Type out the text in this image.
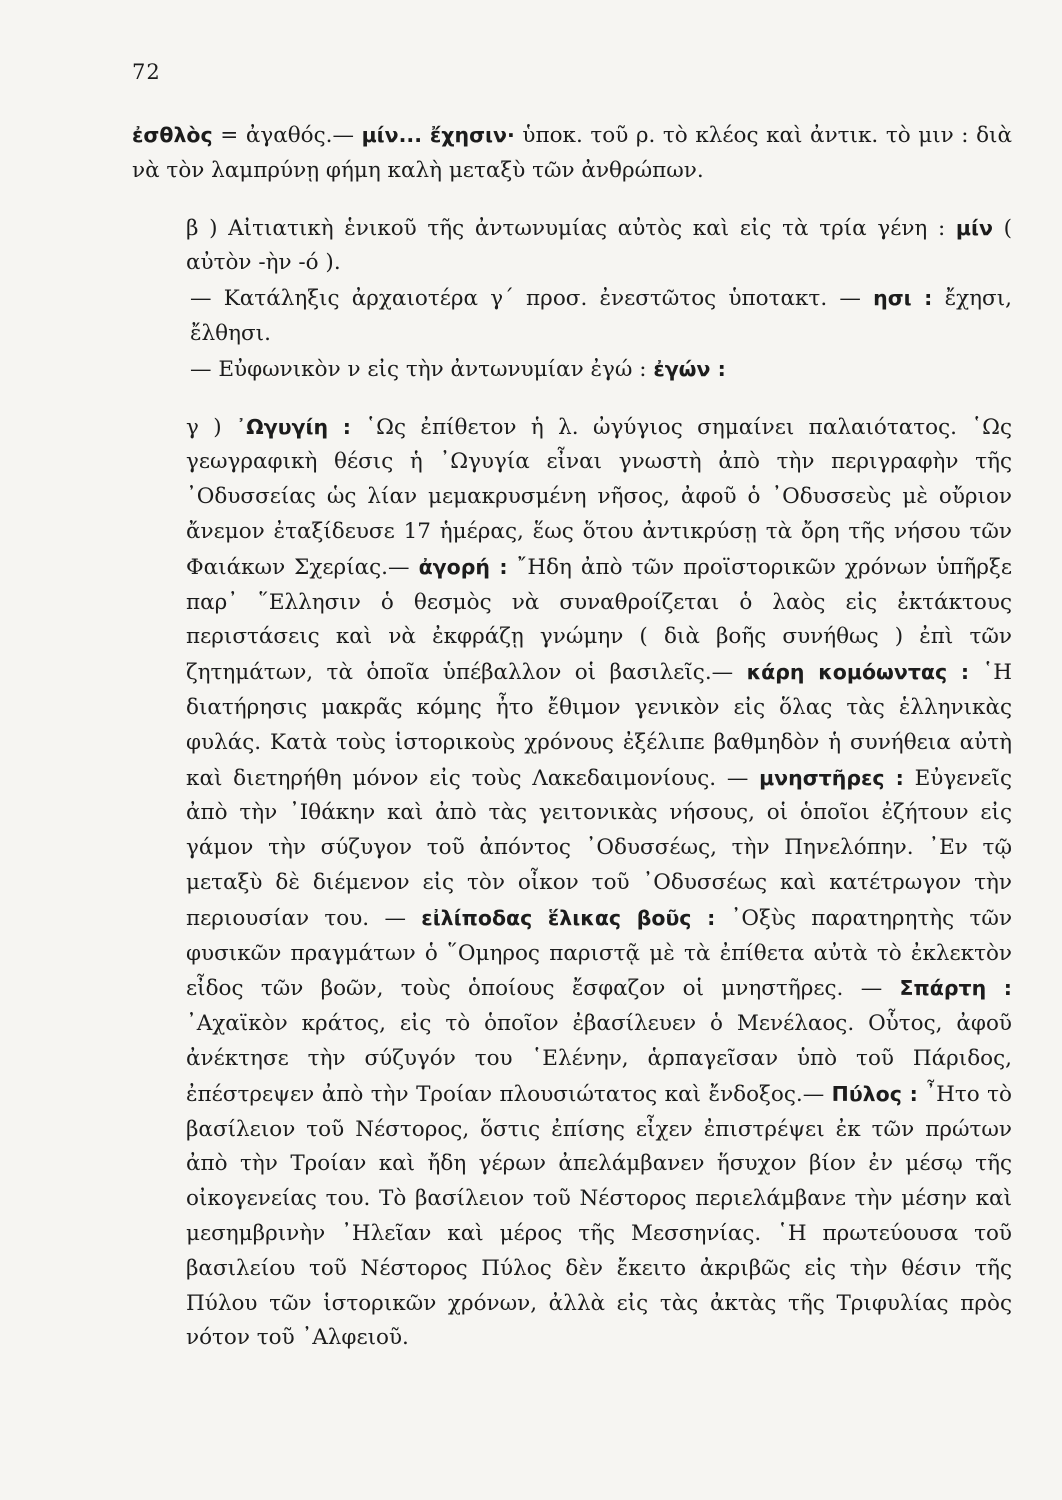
72

ἐσθλὸς = ἀγαθός.— μίν... ἔχησιν· ὑποκ. τοῦ ρ. τὸ κλέος καὶ ἀντικ. τὸ μιν : διὰ νὰ τὸν λαμπρύνῃ φήμη καλὴ μεταξὺ τῶν ἀνθρώπων.

β ) Αἰτιατικὴ ἑνικοῦ τῆς ἀντωνυμίας αὐτὸς καὶ εἰς τὰ τρία γένη : μίν ( αὐτὸν -ὴν -ό ).

— Κατάληξις ἀρχαιοτέρα γ΄ προσ. ἐνεστῶτος ὑποτακτ. — ησι : ἔχησι, ἔλθησι.

— Εὐφωνικὸν ν εἰς τὴν ἀντωνυμίαν ἐγώ : ἐγών :

γ ) ᾿Ωγυγίη : ῾Ως ἐπίθετον ἡ λ. ὠγύγιος σημαίνει παλαιότατος. ῾Ως γεωγραφικὴ θέσις ἡ ᾿Ωγυγία εἶναι γνωστὴ ἀπὸ τὴν περιγραφὴν τῆς ᾿Οδυσσείας ὡς λίαν μεμακρυσμένη νῆσος, ἀφοῦ ὁ ᾿Οδυσσεὺς μὲ οὔριον ἄνεμον ἐταξίδευσε 17 ἡμέρας, ἕως ὅτου ἀντικρύσῃ τὰ ὄρη τῆς νήσου τῶν Φαιάκων Σχερίας.— ἀγορή : ῎Ηδη ἀπὸ τῶν προϊστορικῶν χρόνων ὑπῆρξε παρ᾿ ῞Ελλησιν ὁ θεσμὸς νὰ συναθροίζεται ὁ λαὸς εἰς ἐκτάκτους περιστάσεις καὶ νὰ ἐκφράζῃ γνώμην ( διὰ βοῆς συνήθως ) ἐπὶ τῶν ζητημάτων, τὰ ὁποῖα ὑπέβαλλον οἱ βασιλεῖς.— κάρη κομόωντας : ῾Η διατήρησις μακρᾶς κόμης ἦτο ἔθιμον γενικὸν εἰς ὅλας τὰς ἑλληνικὰς φυλάς. Κατὰ τοὺς ἱστορικοὺς χρόνους ἐξέλιπε βαθμηδὸν ἡ συνήθεια αὐτὴ καὶ διετηρήθη μόνον εἰς τοὺς Λακεδαιμονίους. — μνηστῆρες : Εὐγενεῖς ἀπὸ τὴν ᾿Ιθάκην καὶ ἀπὸ τὰς γειτονικὰς νήσους, οἱ ὁποῖοι ἐζήτουν εἰς γάμον τὴν σύζυγον τοῦ ἀπόντος ᾿Οδυσσέως, τὴν Πηνελόπην. ᾿Εν τῷ μεταξὺ δὲ διέμενον εἰς τὸν οἶκον τοῦ ᾿Οδυσσέως καὶ κατέτρωγον τὴν περιουσίαν του. — εἰλίποδας ἕλικας βοῦς : ᾿Οξὺς παρατηρητὴς τῶν φυσικῶν πραγμάτων ὁ ῞Ομηρος παριστᾷ μὲ τὰ ἐπίθετα αὐτὰ τὸ ἐκλεκτὸν εἶδος τῶν βοῶν, τοὺς ὁποίους ἔσφαζον οἱ μνηστῆρες. — Σπάρτη : ᾿Αχαϊκὸν κράτος, εἰς τὸ ὁποῖον ἐβασίλευεν ὁ Μενέλαος. Οὗτος, ἀφοῦ ἀνέκτησε τὴν σύζυγόν του ῾Ελένην, ἁρπαγεῖσαν ὑπὸ τοῦ Πάριδος, ἐπέστρεψεν ἀπὸ τὴν Τροίαν πλουσιώτατος καὶ ἔνδοξος.— Πύλος : ῏Ητο τὸ βασίλειον τοῦ Νέστορος, ὅστις ἐπίσης εἶχεν ἐπιστρέψει ἐκ τῶν πρώτων ἀπὸ τὴν Τροίαν καὶ ἤδη γέρων ἀπελάμβανεν ἥσυχον βίον ἐν μέσῳ τῆς οἰκογενείας του. Τὸ βασίλειον τοῦ Νέστορος περιελάμβανε τὴν μέσην καὶ μεσημβρινὴν ᾿Ηλεῖαν καὶ μέρος τῆς Μεσσηνίας. ῾Η πρωτεύουσα τοῦ βασιλείου τοῦ Νέστορος Πύλος δὲν ἔκειτο ἀκριβῶς εἰς τὴν θέσιν τῆς Πύλου τῶν ἱστορικῶν χρόνων, ἀλλὰ εἰς τὰς ἀκτὰς τῆς Τριφυλίας πρὸς νότον τοῦ ᾿Αλφειοῦ.
